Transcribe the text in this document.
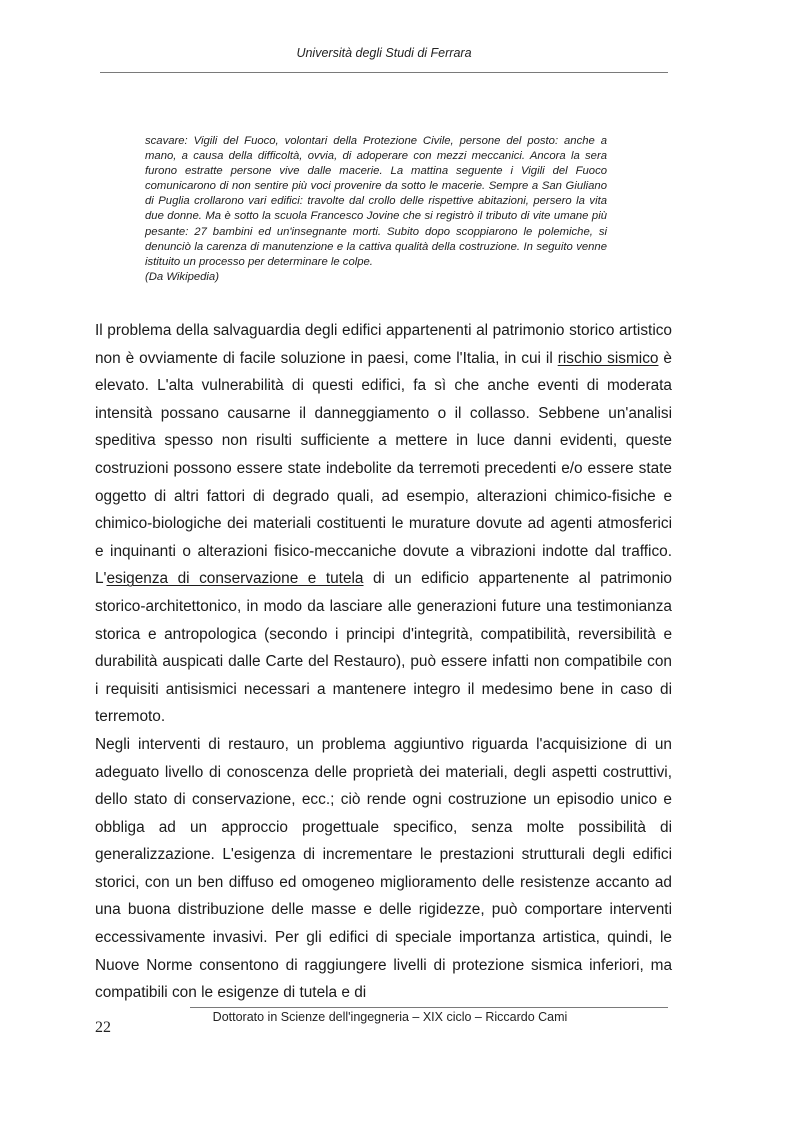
Università degli Studi di Ferrara
scavare: Vigili del Fuoco, volontari della Protezione Civile, persone del posto: anche a mano, a causa della difficoltà, ovvia, di adoperare con mezzi meccanici. Ancora la sera furono estratte persone vive dalle macerie. La mattina seguente i Vigili del Fuoco comunicarono di non sentire più voci provenire da sotto le macerie. Sempre a San Giuliano di Puglia crollarono vari edifici: travolte dal crollo delle rispettive abitazioni, persero la vita due donne. Ma è sotto la scuola Francesco Jovine che si registrò il tributo di vite umane più pesante: 27 bambini ed un'insegnante morti. Subito dopo scoppiarono le polemiche, si denunciò la carenza di manutenzione e la cattiva qualità della costruzione. In seguito venne istituito un processo per determinare le colpe.
(Da Wikipedia)

Il problema della salvaguardia degli edifici appartenenti al patrimonio storico artistico non è ovviamente di facile soluzione in paesi, come l'Italia, in cui il rischio sismico è elevato. L'alta vulnerabilità di questi edifici, fa sì che anche eventi di moderata intensità possano causarne il danneggiamento o il collasso. Sebbene un'analisi speditiva spesso non risulti sufficiente a mettere in luce danni evidenti, queste costruzioni possono essere state indebolite da terremoti precedenti e/o essere state oggetto di altri fattori di degrado quali, ad esempio, alterazioni chimico-fisiche e chimico-biologiche dei materiali costituenti le murature dovute ad agenti atmosferici e inquinanti o alterazioni fisico-meccaniche dovute a vibrazioni indotte dal traffico. L'esigenza di conservazione e tutela di un edificio appartenente al patrimonio storico-architettonico, in modo da lasciare alle generazioni future una testimonianza storica e antropologica (secondo i principi d'integrità, compatibilità, reversibilità e durabilità auspicati dalle Carte del Restauro), può essere infatti non compatibile con i requisiti antisismici necessari a mantenere integro il medesimo bene in caso di terremoto.

Negli interventi di restauro, un problema aggiuntivo riguarda l'acquisizione di un adeguato livello di conoscenza delle proprietà dei materiali, degli aspetti costruttivi, dello stato di conservazione, ecc.; ciò rende ogni costruzione un episodio unico e obbliga ad un approccio progettuale specifico, senza molte possibilità di generalizzazione. L'esigenza di incrementare le prestazioni strutturali degli edifici storici, con un ben diffuso ed omogeneo miglioramento delle resistenze accanto ad una buona distribuzione delle masse e delle rigidezze, può comportare interventi eccessivamente invasivi. Per gli edifici di speciale importanza artistica, quindi, le Nuove Norme consentono di raggiungere livelli di protezione sismica inferiori, ma compatibili con le esigenze di tutela e di

Dottorato in Scienze dell'ingegneria – XIX ciclo – Riccardo Cami
22
